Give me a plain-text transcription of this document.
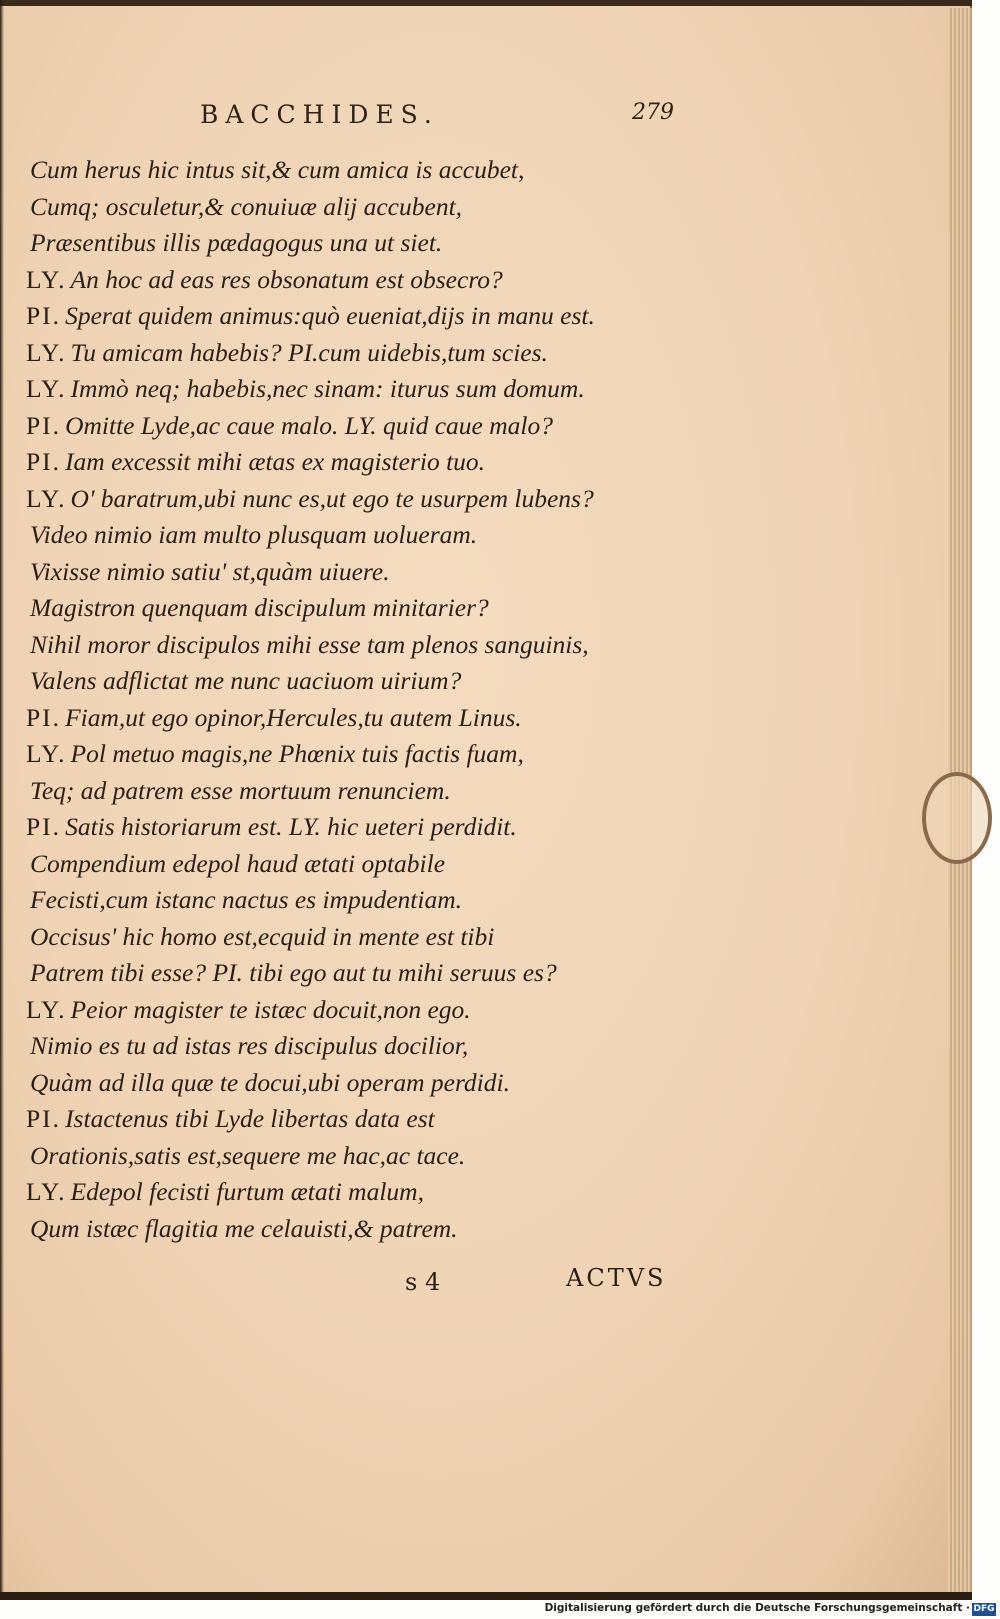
BACCHIDES.	279
Cum herus hic intus sit,& cum amica is accubet,
Cumq; osculetur,& conuiuæ alij accubent,
Præsentibus illis pædagogus una ut siet.
LY. An hoc ad eas res obsonatum est obsecro?
PI. Sperat quidem animus:quò eueniat,dijs in manu est.
LY. Tu amicam habebis? PI.cum uidebis,tum scies.
LY. Immò neq; habebis,nec sinam: iturus sum domum.
PI. Omitte Lyde,ac caue malo. LY. quid caue malo?
PI. Iam excessit mihi ætas ex magisterio tuo.
LY. O' baratrum,ubi nunc es,ut ego te usurpem lubens?
Video nimio iam multo plusquam uolueram.
Vixisse nimio satiu' st,quàm uiuere.
Magistron quenquam discipulum minitarier?
Nihil moror discipulos mihi esse tam plenos sanguinis,
Valens adflictat me nunc uaciuom uirium?
PI. Fiam,ut ego opinor,Hercules,tu autem Linus.
LY. Pol metuo magis,ne Phœnix tuis factis fuam,
Teq; ad patrem esse mortuum renunciem.
PI. Satis historiarum est. LY. hic ueteri perdidit.
Compendium edepol haud ætati optabile
Fecisti,cum istanc nactus es impudentiam.
Occisus' hic homo est,ecquid in mente est tibi
Patrem tibi esse? PI. tibi ego aut tu mihi seruus es?
LY. Peior magister te istæc docuit,non ego.
Nimio es tu ad istas res discipulus docilior,
Quàm ad illa quæ te docui,ubi operam perdidi.
PI. Istactenus tibi Lyde libertas data est
Orationis,satis est,sequere me hac,ac tace.
LY. Edepol fecisti furtum ætati malum,
Qum istæc flagitia me celauisti,& patrem.
s 4	ACTVS
Digitalisierung gefördert durch die Deutsche Forschungsgemeinschaft · DFG
